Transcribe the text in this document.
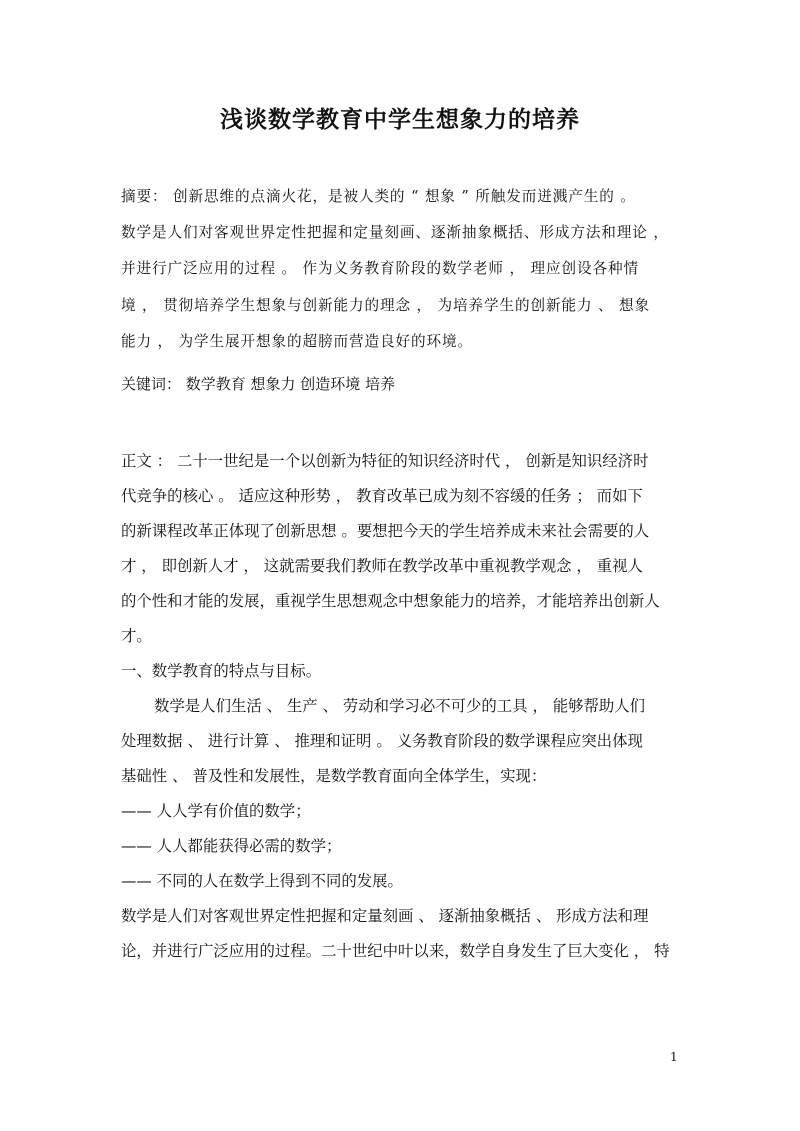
浅谈数学教育中学生想象力的培养
摘要： 创新思维的点滴火花，是被人类的 “ 想象 ” 所触发而迸溅产生的 。
数学是人们对客观世界定性把握和定量刻画、逐渐抽象概括、形成方法和理论 ，
并进行广泛应用的过程 。 作为义务教育阶段的数学老师 ， 理应创设各种情
境 ， 贯彻培养学生想象与创新能力的理念 ， 为培养学生的创新能力 、 想象
能力 ， 为学生展开想象的超膀而营造良好的环境。
关键词： 数学教育 想象力 创造环境 培养
正文 ： 二十一世纪是一个以创新为特征的知识经济时代 ， 创新是知识经济时
代竞争的核心 。 适应这种形势 ， 教育改革已成为刻不容缓的任务 ； 而如下
的新课程改革正体现了创新思想 。要想把今天的学生培养成未来社会需要的人
才 ， 即创新人才 ， 这就需要我们教师在教学改革中重视教学观念 ， 重视人
的个性和才能的发展，重视学生思想观念中想象能力的培养，才能培养出创新人
才。
一、数学教育的特点与目标。
数学是人们生活 、 生产 、 劳动和学习必不可少的工具 ， 能够帮助人们
处理数据 、 进行计算 、 推理和证明 。 义务教育阶段的数学课程应突出体现
基础性 、 普及性和发展性，是数学教育面向全体学生，实现：
—— 人人学有价值的数学；
—— 人人都能获得必需的数学；
—— 不同的人在数学上得到不同的发展。
数学是人们对客观世界定性把握和定量刻画 、 逐渐抽象概括 、 形成方法和理
论，并进行广泛应用的过程。二十世纪中叶以来，数学自身发生了巨大变化 ， 特
1
